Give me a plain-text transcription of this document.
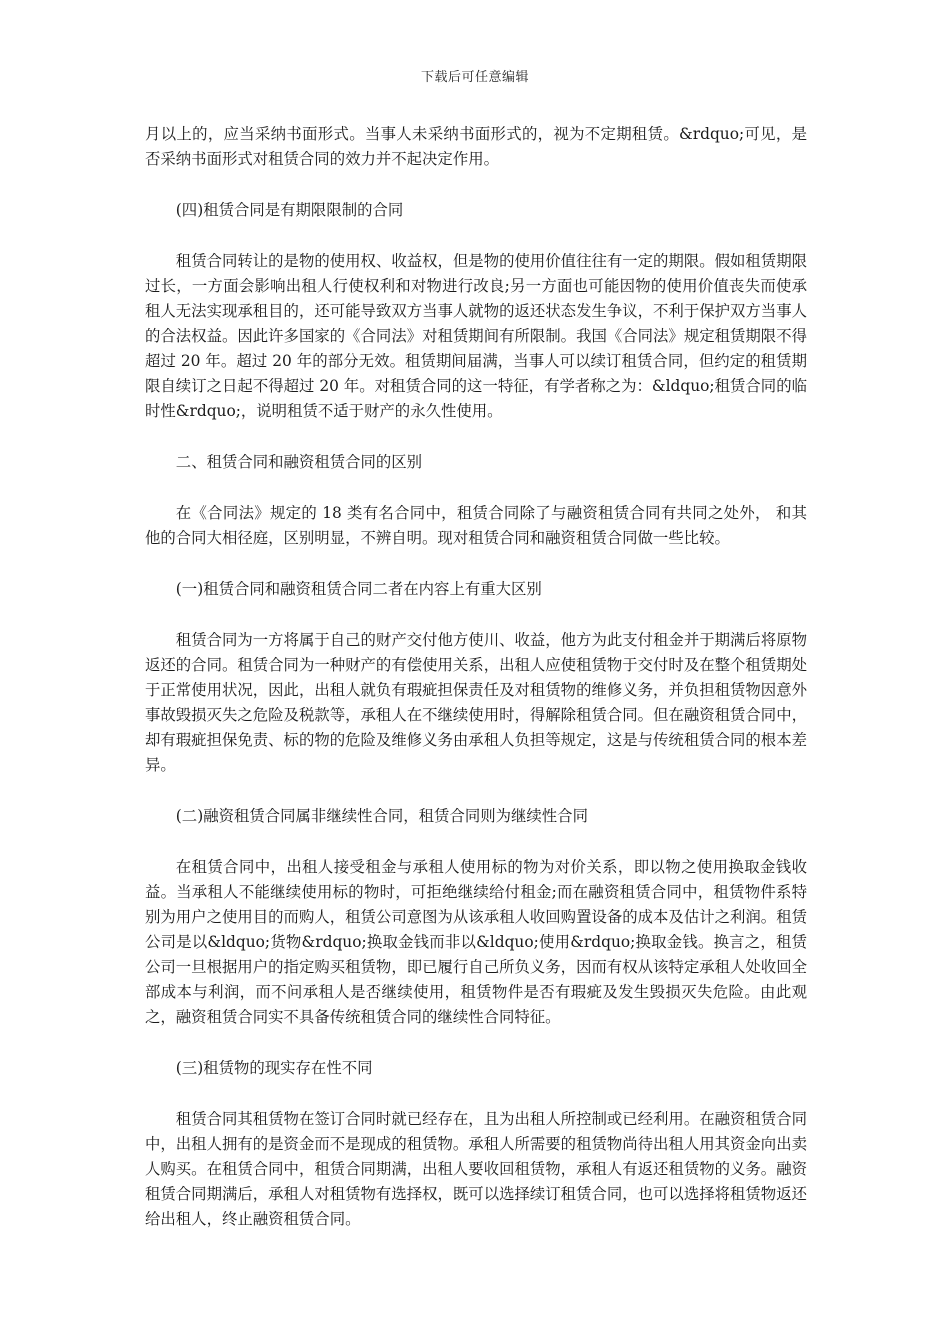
下载后可任意编辑

月以上的，应当采纳书面形式。当事人未采纳书面形式的，视为不定期租赁。&rdquo;可见，是否采纳书面形式对租赁合同的效力并不起决定作用。

(四)租赁合同是有期限限制的合同

租赁合同转让的是物的使用权、收益权，但是物的使用价值往往有一定的期限。假如租赁期限过长，一方面会影响出租人行使权利和对物进行改良;另一方面也可能因物的使用价值丧失而使承租人无法实现承租目的，还可能导致双方当事人就物的返还状态发生争议，不利于保护双方当事人的合法权益。因此许多国家的《合同法》对租赁期间有所限制。我国《合同法》规定租赁期限不得超过 20 年。超过 20 年的部分无效。租赁期间届满，当事人可以续订租赁合同，但约定的租赁期限自续订之日起不得超过 20 年。对租赁合同的这一特征，有学者称之为：&ldquo;租赁合同的临时性&rdquo;，说明租赁不适于财产的永久性使用。

二、租赁合同和融资租赁合同的区别

在《合同法》规定的 18 类有名合同中，租赁合同除了与融资租赁合同有共同之处外， 和其他的合同大相径庭，区别明显，不辨自明。现对租赁合同和融资租赁合同做一些比较。

(一)租赁合同和融资租赁合同二者在内容上有重大区别

租赁合同为一方将属于自己的财产交付他方使川、收益，他方为此支付租金并于期满后将原物返还的合同。租赁合同为一种财产的有偿使用关系，出租人应使租赁物于交付时及在整个租赁期处于正常使用状况，因此，出租人就负有瑕疵担保责任及对租赁物的维修义务，并负担租赁物因意外事故毁损灭失之危险及税款等，承租人在不继续使用时，得解除租赁合同。但在融资租赁合同中，却有瑕疵担保免责、标的物的危险及维修义务由承租人负担等规定，这是与传统租赁合同的根本差异。

(二)融资租赁合同属非继续性合同，租赁合同则为继续性合同

在租赁合同中，出租人接受租金与承租人使用标的物为对价关系，即以物之使用换取金钱收益。当承租人不能继续使用标的物时，可拒绝继续给付租金;而在融资租赁合同中，租赁物件系特别为用户之使用目的而购人，租赁公司意图为从该承租人收回购置设备的成本及估计之利润。租赁公司是以&ldquo;货物&rdquo;换取金钱而非以&ldquo;使用&rdquo;换取金钱。换言之，租赁公司一旦根据用户的指定购买租赁物，即已履行自己所负义务，因而有权从该特定承租人处收回全部成本与利润，而不问承租人是否继续使用，租赁物件是否有瑕疵及发生毁损灭失危险。由此观之，融资租赁合同实不具备传统租赁合同的继续性合同特征。

(三)租赁物的现实存在性不同

租赁合同其租赁物在签订合同时就已经存在，且为出租人所控制或已经利用。在融资租赁合同中，出租人拥有的是资金而不是现成的租赁物。承租人所需要的租赁物尚待出租人用其资金向出卖人购买。在租赁合同中，租赁合同期满，出租人要收回租赁物，承租人有返还租赁物的义务。融资租赁合同期满后，承租人对租赁物有选择权，既可以选择续订租赁合同，也可以选择将租赁物返还给出租人，终止融资租赁合同。
